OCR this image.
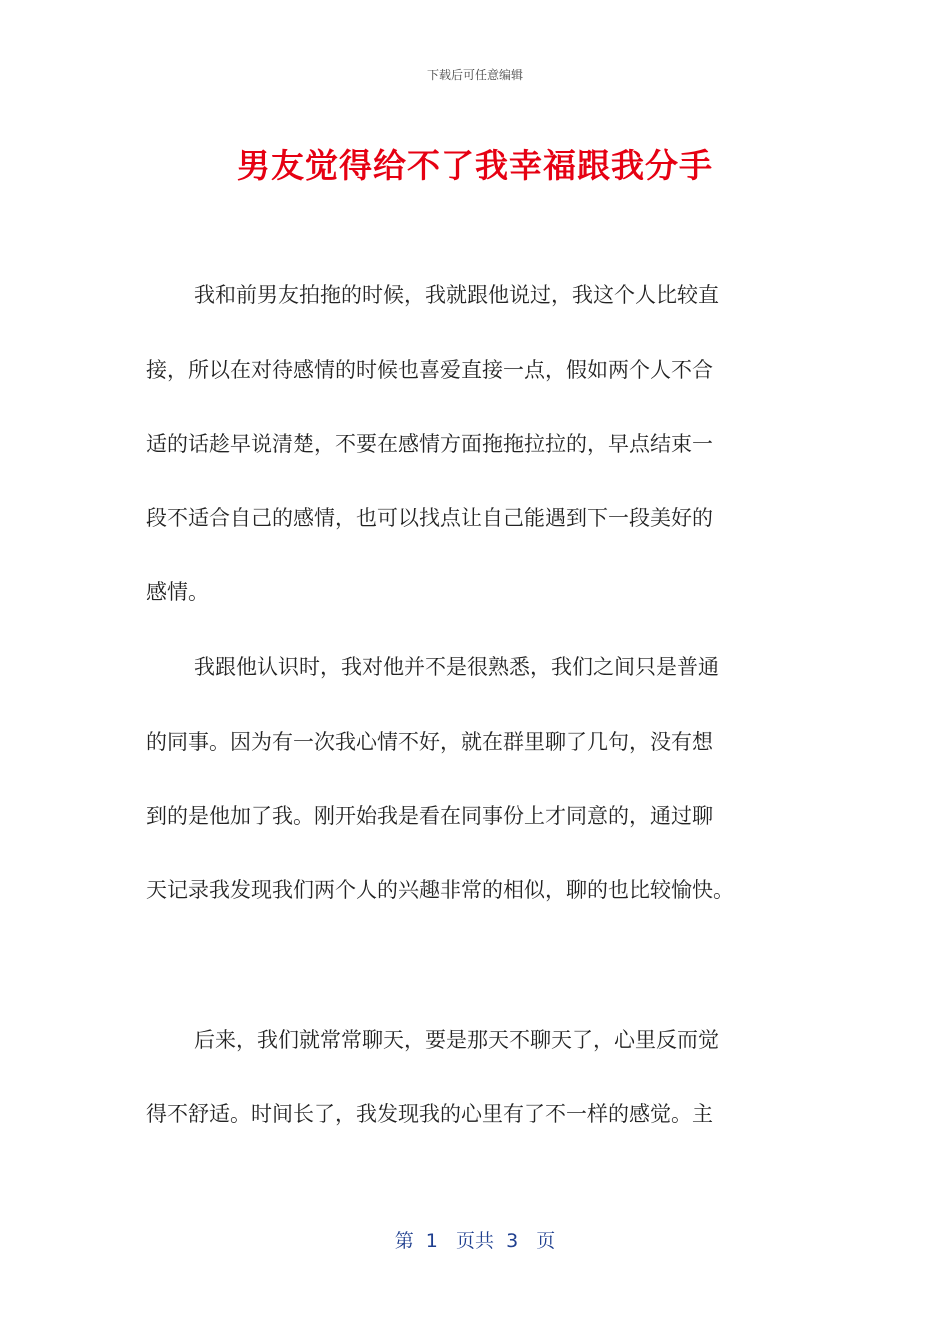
下载后可任意编辑
男友觉得给不了我幸福跟我分手
我和前男友拍拖的时候，我就跟他说过，我这个人比较直
接，所以在对待感情的时候也喜爱直接一点，假如两个人不合
适的话趁早说清楚，不要在感情方面拖拖拉拉的，早点结束一
段不适合自己的感情，也可以找点让自己能遇到下一段美好的
感情。
我跟他认识时，我对他并不是很熟悉，我们之间只是普通
的同事。因为有一次我心情不好，就在群里聊了几句，没有想
到的是他加了我。刚开始我是看在同事份上才同意的，通过聊
天记录我发现我们两个人的兴趣非常的相似，聊的也比较愉快。
后来，我们就常常聊天，要是那天不聊天了，心里反而觉
得不舒适。时间长了，我发现我的心里有了不一样的感觉。主
第  1   页共  3   页
